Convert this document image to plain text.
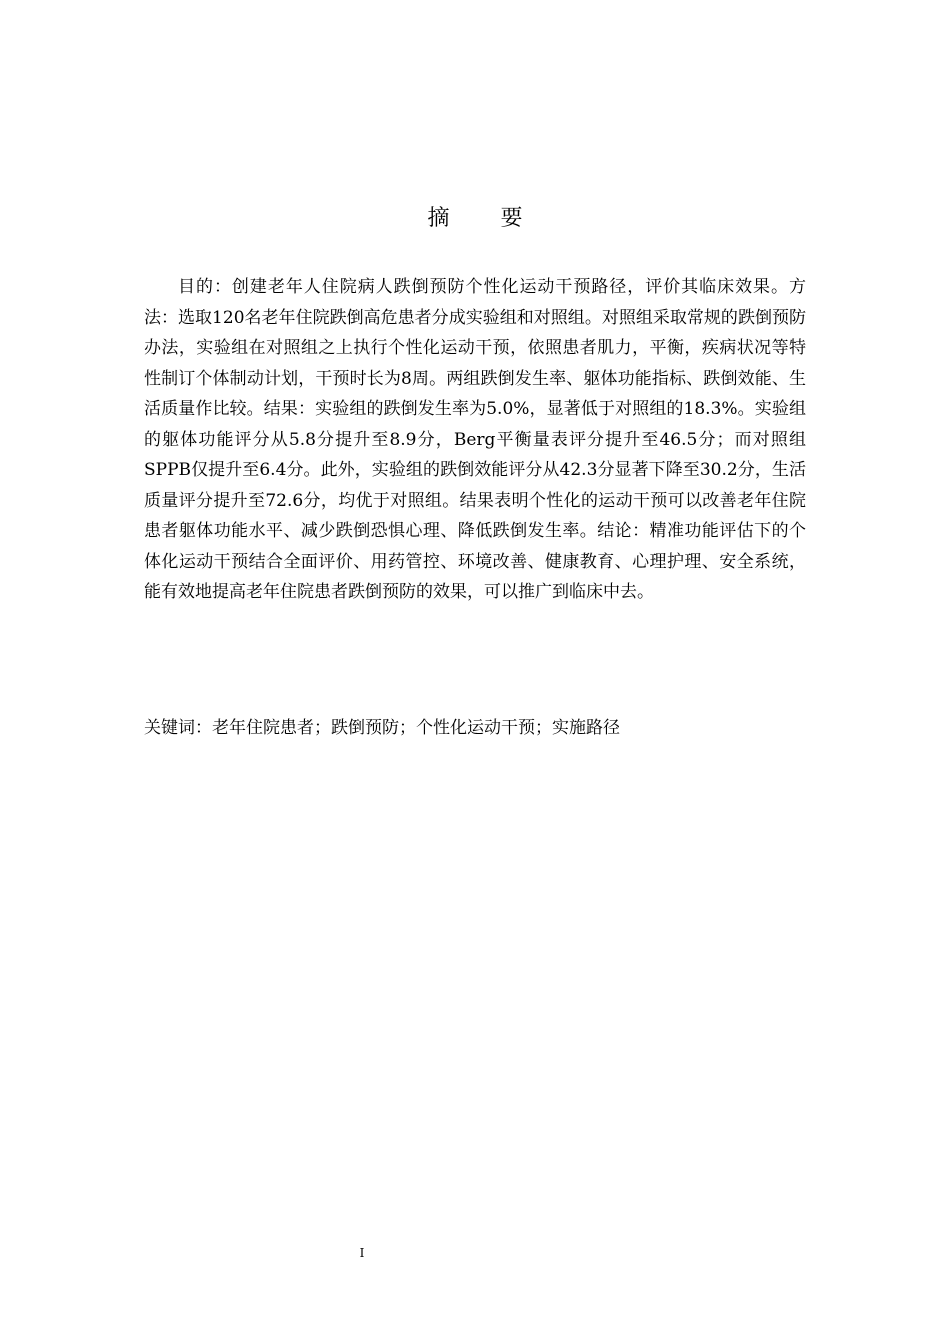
摘 要

目的：创建老年人住院病人跌倒预防个性化运动干预路径，评价其临床效果。方法：选取120名老年住院跌倒高危患者分成实验组和对照组。对照组采取常规的跌倒预防办法，实验组在对照组之上执行个性化运动干预，依照患者肌力，平衡，疾病状况等特性制订个体制动计划，干预时长为8周。两组跌倒发生率、躯体功能指标、跌倒效能、生活质量作比较。结果：实验组的跌倒发生率为5.0%，显著低于对照组的18.3%。实验组的躯体功能评分从5.8分提升至8.9分，Berg平衡量表评分提升至46.5分；而对照组SPPB仅提升至6.4分。此外，实验组的跌倒效能评分从42.3分显著下降至30.2分，生活质量评分提升至72.6分，均优于对照组。结果表明个性化的运动干预可以改善老年住院患者躯体功能水平、减少跌倒恐惧心理、降低跌倒发生率。结论：精准功能评估下的个体化运动干预结合全面评价、用药管控、环境改善、健康教育、心理护理、安全系统，能有效地提高老年住院患者跌倒预防的效果，可以推广到临床中去。

关键词：老年住院患者；跌倒预防；个性化运动干预；实施路径

I
